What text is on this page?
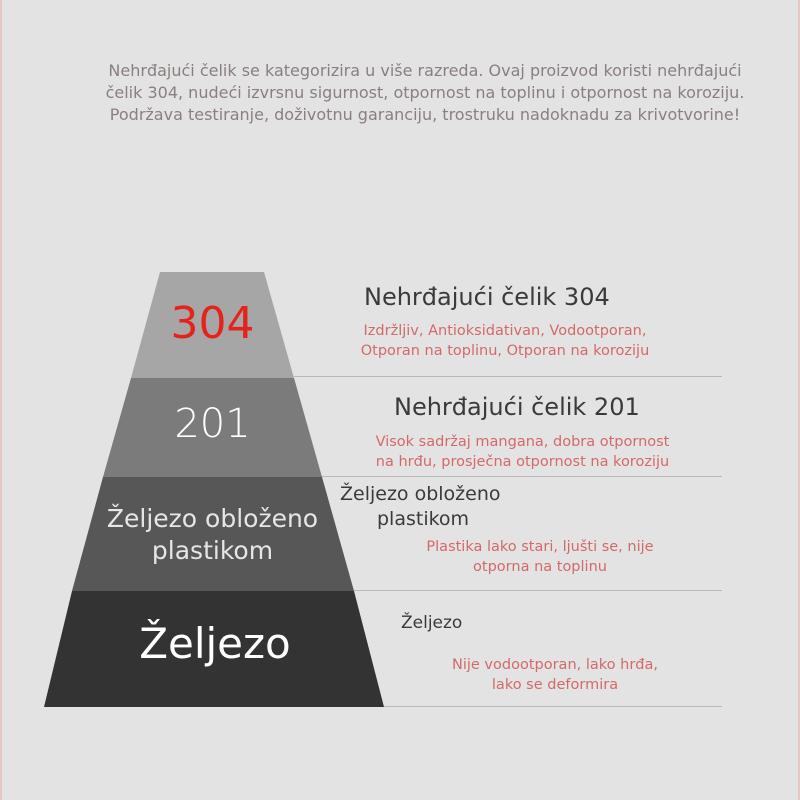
Nehrđajući čelik se kategorizira u više razreda. Ovaj proizvod koristi nehrđajući
čelik 304, nudeći izvrsnu sigurnost, otpornost na toplinu i otpornost na koroziju.
Podržava testiranje, doživotnu garanciju, trostruku nadoknadu za krivotvorine!
304
201
Željezo obloženo
plastikom
Željezo
Nehrđajući čelik 304
Izdržljiv, Antioksidativan, Vodootporan,
Otporan na toplinu, Otporan na koroziju
Nehrđajući čelik 201
Visok sadržaj mangana, dobra otpornost
na hrđu, prosječna otpornost na koroziju
Željezo obloženo
plastikom
Plastika lako stari, ljušti se, nije
otporna na toplinu
Željezo
Nije vodootporan, lako hrđa,
lako se deformira
